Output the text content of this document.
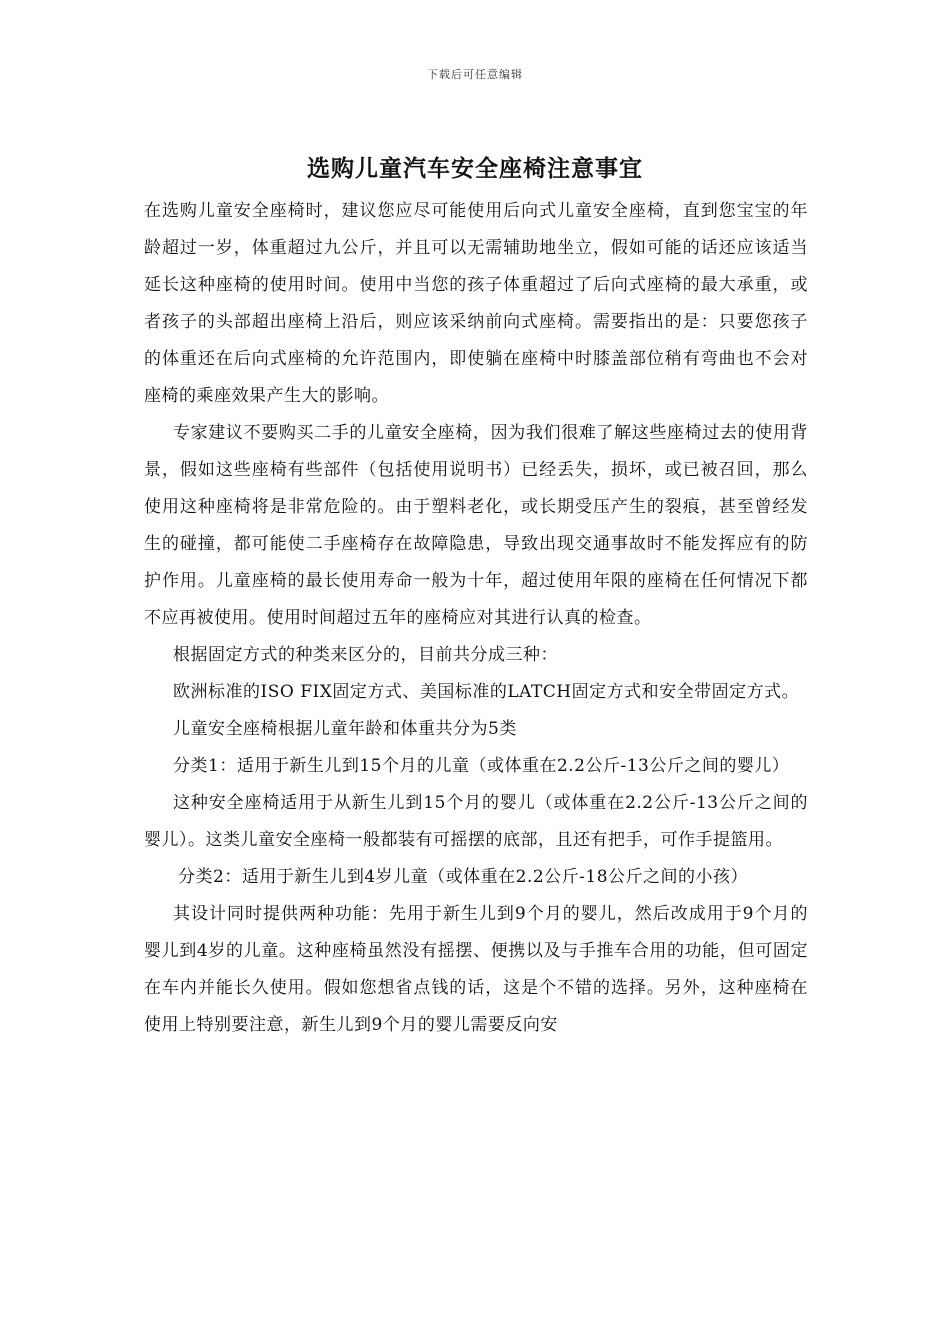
下载后可任意编辑
选购儿童汽车安全座椅注意事宜

在选购儿童安全座椅时，建议您应尽可能使用后向式儿童安全座椅，直到您宝宝的年龄超过一岁，体重超过九公斤，并且可以无需辅助地坐立，假如可能的话还应该适当延长这种座椅的使用时间。使用中当您的孩子体重超过了后向式座椅的最大承重，或者孩子的头部超出座椅上沿后，则应该采纳前向式座椅。需要指出的是：只要您孩子的体重还在后向式座椅的允许范围内，即使躺在座椅中时膝盖部位稍有弯曲也不会对座椅的乘座效果产生大的影响。

专家建议不要购买二手的儿童安全座椅，因为我们很难了解这些座椅过去的使用背景，假如这些座椅有些部件（包括使用说明书）已经丢失，损坏，或已被召回，那么使用这种座椅将是非常危险的。由于塑料老化，或长期受压产生的裂痕，甚至曾经发生的碰撞，都可能使二手座椅存在故障隐患，导致出现交通事故时不能发挥应有的防护作用。儿童座椅的最长使用寿命一般为十年，超过使用年限的座椅在任何情况下都不应再被使用。使用时间超过五年的座椅应对其进行认真的检查。

根据固定方式的种类来区分的，目前共分成三种：

欧洲标准的ISO FIX固定方式、美国标准的LATCH固定方式和安全带固定方式。

儿童安全座椅根据儿童年龄和体重共分为5类

分类1：适用于新生儿到15个月的儿童（或体重在2.2公斤-13公斤之间的婴儿）

这种安全座椅适用于从新生儿到15个月的婴儿（或体重在2.2公斤-13公斤之间的婴儿）。这类儿童安全座椅一般都装有可摇摆的底部，且还有把手，可作手提篮用。

分类2：适用于新生儿到4岁儿童（或体重在2.2公斤-18公斤之间的小孩）

其设计同时提供两种功能：先用于新生儿到9个月的婴儿，然后改成用于9个月的婴儿到4岁的儿童。这种座椅虽然没有摇摆、便携以及与手推车合用的功能，但可固定在车内并能长久使用。假如您想省点钱的话，这是个不错的选择。另外，这种座椅在使用上特别要注意，新生儿到9个月的婴儿需要反向安
